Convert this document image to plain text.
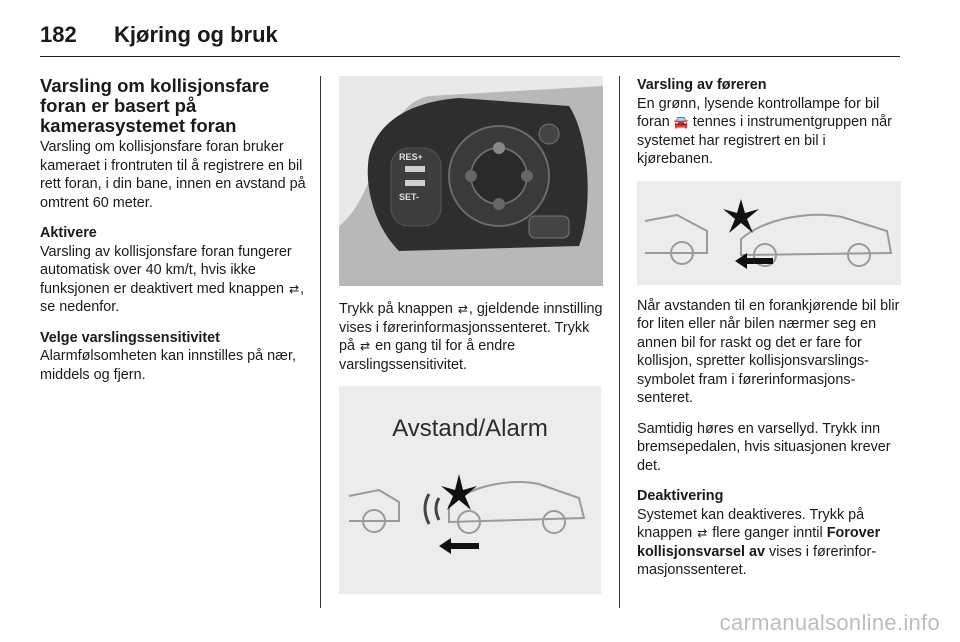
182	Kjøring og bruk
Varsling om kollisjonsfare foran er basert på kamerasystemet foran

Varsling om kollisjonsfare foran bruker kameraet i frontruten til å registrere en bil rett foran, i din bane, innen en avstand på omtrent 60 meter.

Aktivere
Varsling av kollisjonsfare foran fungerer automatisk over 40 km/t, hvis ikke funksjonen er deaktivert med knappen ⇄, se nedenfor.

Velge varslingssensitivitet
Alarmfølsomheten kan innstilles på nær, middels og fjern.

RES+
SET-

Trykk på knappen ⇄, gjeldende innstilling vises i førerinformasjonssenteret. Trykk på ⇄ en gang til for å endre varslingssensitivitet.

Avstand/Alarm

Varsling av føreren
En grønn, lysende kontrollampe for bil foran 🚘 tennes i instrumentgruppen når systemet har registrert en bil i kjørebanen.

Når avstanden til en forankjørende bil blir for liten eller når bilen nærmer seg en annen bil for raskt og det er fare for kollisjon, spretter kollisjonsvarslingssymbolet fram i førerinformasjonssenteret.

Samtidig høres en varsellyd. Trykk inn bremsepedalen, hvis situasjonen krever det.

Deaktivering
Systemet kan deaktiveres. Trykk på knappen ⇄ flere ganger inntil Forover kollisjonsvarsel av vises i førerinformasjonssenteret.

carmanualsonline.info
